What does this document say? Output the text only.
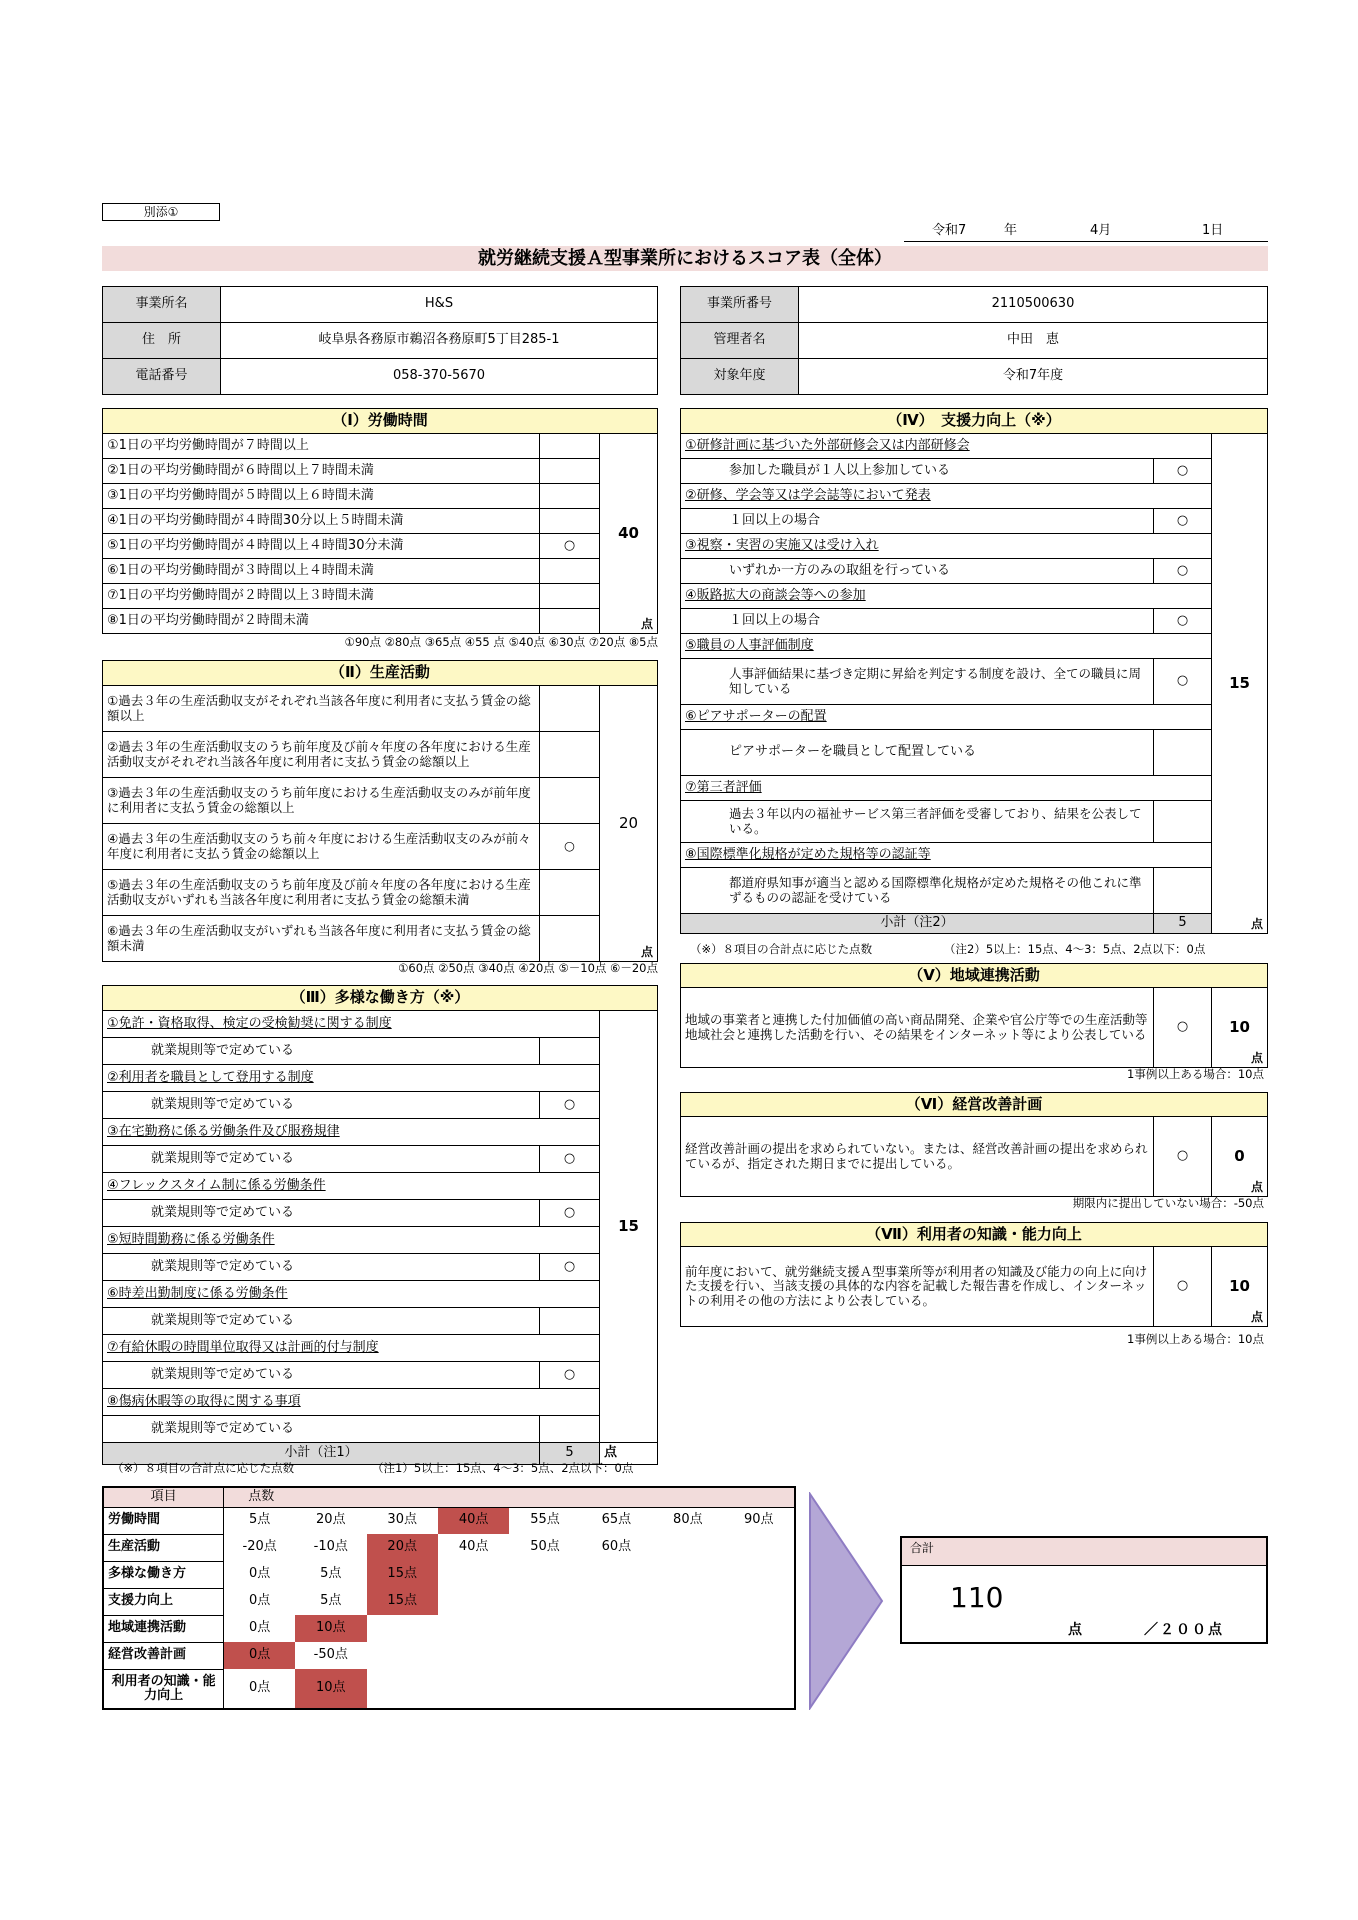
別添①
令和7	年	4月	1日
就労継続支援Ａ型事業所におけるスコア表（全体）
事業所名	H&S
住　所	岐阜県各務原市鵜沼各務原町5丁目285-1
電話番号	058-370-5670
事業所番号	2110500630
管理者名	中田　恵
対象年度	令和7年度
（Ⅰ）労働時間		
①1日の平均労働時間が７時間以上		40
点

②1日の平均労働時間が６時間以上７時間未満		
③1日の平均労働時間が５時間以上６時間未満		
④1日の平均労働時間が４時間30分以上５時間未満		
⑤1日の平均労働時間が４時間以上４時間30分未満	○	
⑥1日の平均労働時間が３時間以上４時間未満		
⑦1日の平均労働時間が２時間以上３時間未満		
⑧1日の平均労働時間が２時間未満		
①90点 ②80点 ③65点 ④55 点 ⑤40点 ⑥30点 ⑦20点 ⑧5点
（Ⅱ）生産活動		
①過去３年の生産活動収支がそれぞれ当該各年度に利用者に支払う賃金の総額以上		20
点

②過去３年の生産活動収支のうち前年度及び前々年度の各年度における生産活動収支がそれぞれ当該各年度に利用者に支払う賃金の総額以上		
③過去３年の生産活動収支のうち前年度における生産活動収支のみが前年度に利用者に支払う賃金の総額以上		
④過去３年の生産活動収支のうち前々年度における生産活動収支のみが前々年度に利用者に支払う賃金の総額以上	○	
⑤過去３年の生産活動収支のうち前年度及び前々年度の各年度における生産活動収支がいずれも当該各年度に利用者に支払う賃金の総額未満		
⑥過去３年の生産活動収支がいずれも当該各年度に利用者に支払う賃金の総額未満		
①60点 ②50点 ③40点 ④20点 ⑤－10点 ⑥－20点
（Ⅲ）多様な働き方（※）		
①免許・資格取得、検定の受検勧奨に関する制度		15
就業規則等で定めている		
②利用者を職員として登用する制度		
就業規則等で定めている	○	
③在宅勤務に係る労働条件及び服務規律		
就業規則等で定めている	○	
④フレックスタイム制に係る労働条件		
就業規則等で定めている	○	
⑤短時間勤務に係る労働条件		
就業規則等で定めている	○	
⑥時差出勤制度に係る労働条件		
就業規則等で定めている		
⑦有給休暇の時間単位取得又は計画的付与制度		
就業規則等で定めている	○	
⑧傷病休暇等の取得に関する事項		
就業規則等で定めている		
小計（注1）	5	点
（※）８項目の合計点に応じた点数	（注1）5以上：15点、4～3：5点、2点以下：0点
（Ⅳ）　支援力向上（※）		
①研修計画に基づいた外部研修会又は内部研修会		15
点

参加した職員が１人以上参加している	○	
②研修、学会等又は学会誌等において発表		
１回以上の場合	○	
③視察・実習の実施又は受け入れ		
いずれか一方のみの取組を行っている	○	
④販路拡大の商談会等への参加		
１回以上の場合	○	
⑤職員の人事評価制度		
人事評価結果に基づき定期に昇給を判定する制度を設け、全ての職員に周知している	○	
⑥ピアサポーターの配置		
ピアサポーターを職員として配置している		
⑦第三者評価		
過去３年以内の福祉サービス第三者評価を受審しており、結果を公表している。		
⑧国際標準化規格が定めた規格等の認証等		
都道府県知事が適当と認める国際標準化規格が定めた規格その他これに準ずるものの認証を受けている		
小計（注2）	5	
（※）８項目の合計点に応じた点数	（注2）5以上：15点、4～3：5点、2点以下：0点
（Ⅴ）地域連携活動
地域の事業者と連携した付加価値の高い商品開発、企業や官公庁等での生産活動等地域社会と連携した活動を行い、その結果をインターネット等により公表している	○	10
点
1事例以上ある場合：10点
（Ⅵ）経営改善計画
経営改善計画の提出を求められていない。または、経営改善計画の提出を求められているが、指定された期日までに提出している。	○	0
点
期限内に提出していない場合：-50点
（Ⅶ）利用者の知識・能力向上
前年度において、就労継続支援Ａ型事業所等が利用者の知識及び能力の向上に向けた支援を行い、当該支援の具体的な内容を記載した報告書を作成し、インターネットの利用その他の方法により公表している。	○	10
点
1事例以上ある場合：10点
項目	点数							
労働時間	5点	20点	30点	40点	55点	65点	80点	90点
生産活動	-20点	-10点	20点	40点	50点	60点		
多様な働き方	0点	5点	15点					
支援力向上	0点	5点	15点					
地域連携活動	0点	10点						
経営改善計画	0点	-50点						
利用者の知識・能力向上	0点	10点						
合計
110
点	／２００点
